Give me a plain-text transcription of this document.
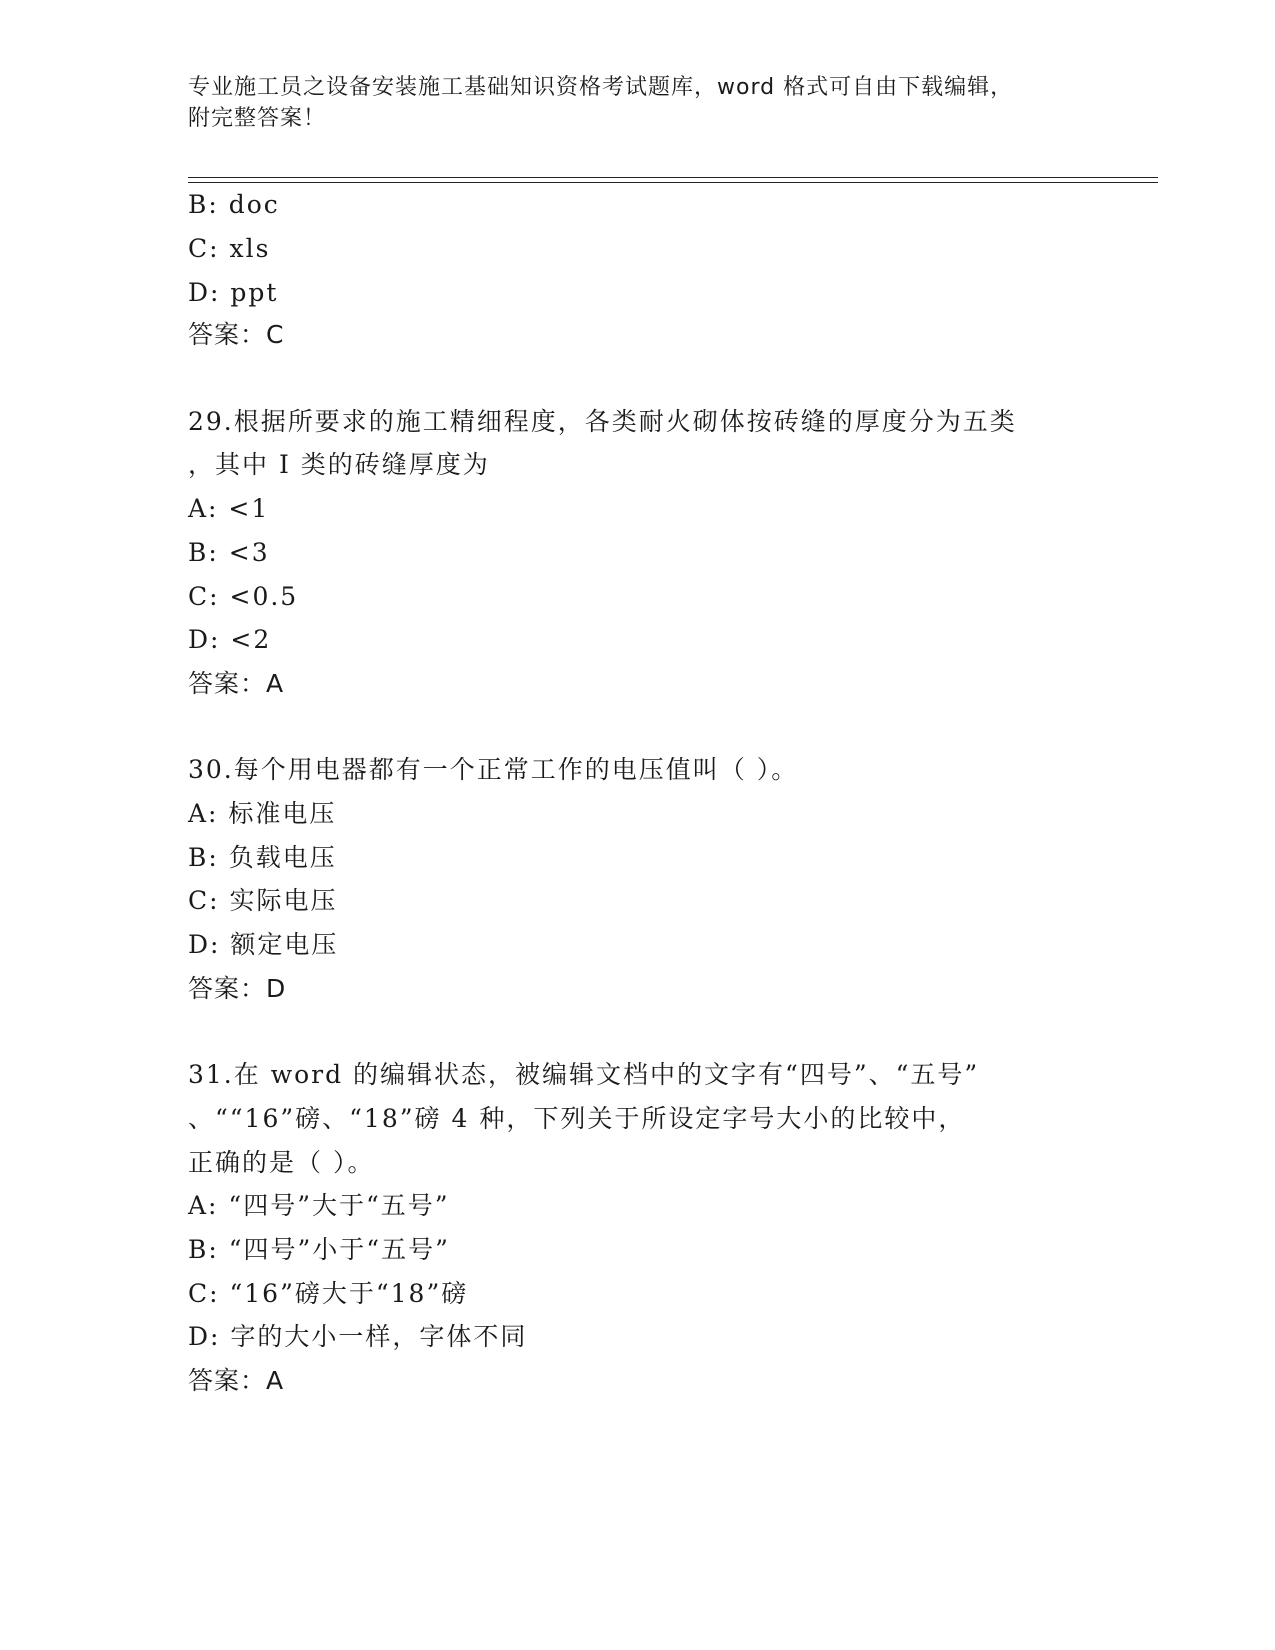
专业施工员之设备安装施工基础知识资格考试题库，word 格式可自由下载编辑，
附完整答案！
B: doc
C: xls
D: ppt
答案：C
29.根据所要求的施工精细程度，各类耐火砌体按砖缝的厚度分为五类
，其中 I 类的砖缝厚度为
A: <1
B: <3
C: <0.5
D: <2
答案：A
30.每个用电器都有一个正常工作的电压值叫（ ）。
A: 标准电压
B: 负载电压
C: 实际电压
D: 额定电压
答案：D
31.在 word 的编辑状态，被编辑文档中的文字有“四号”、“五号”
、““16”磅、“18”磅 4 种，下列关于所设定字号大小的比较中，
正确的是（ ）。
A: “四号”大于“五号”
B: “四号”小于“五号”
C: “16”磅大于“18”磅
D: 字的大小一样，字体不同
答案：A
